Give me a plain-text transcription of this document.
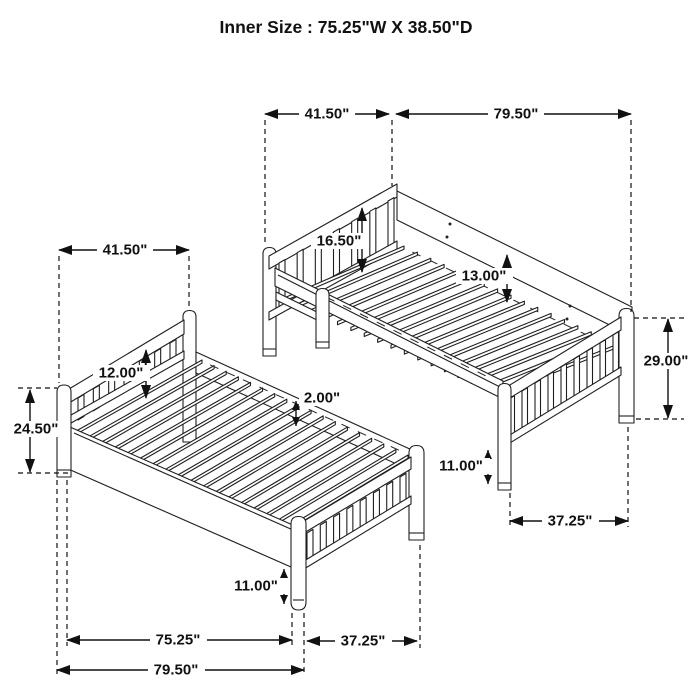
Inner Size : 75.25"W X 38.50"D
41.50"	79.50"
16.50"
13.00"
29.00"
11.00"
37.25"
41.50"
12.00"
24.50"
2.00"
11.00"
75.25"	37.25"
79.50"
